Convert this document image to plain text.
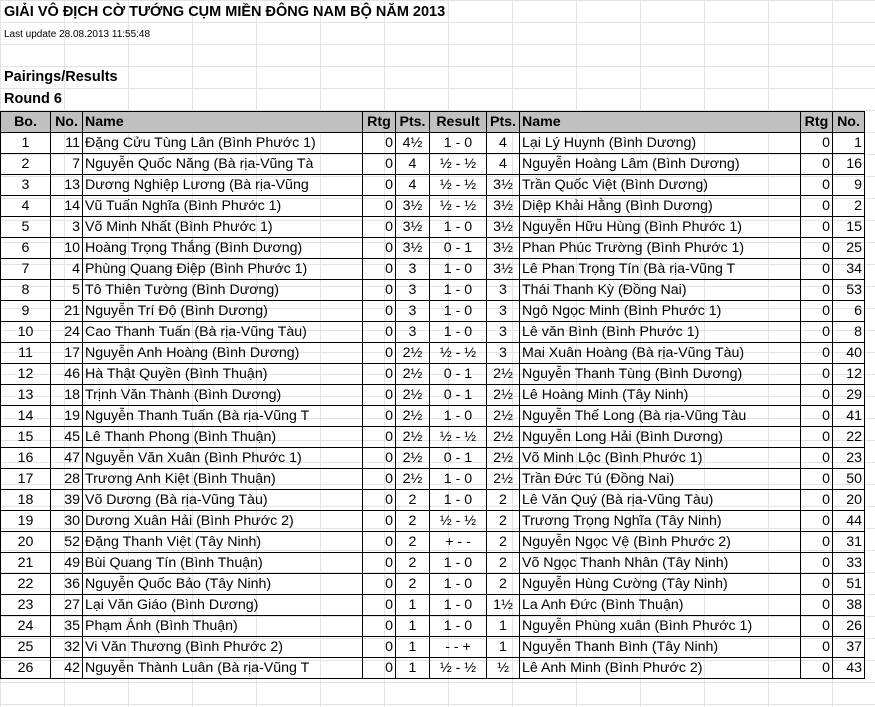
GIẢI VÔ ĐỊCH CỜ TƯỚNG CỤM MIỀN ĐÔNG NAM BỘ NĂM 2013
Last update 28.08.2013 11:55:48
Pairings/Results
Round 6
Bo.	No.	Name	Rtg	Pts.	Result	Pts.	Name	Rtg	No.
1	11	Đặng Cửu Tùng Lân (Bình Phước 1)	0	4½	1 - 0	4	Lại Lý Huynh (Bình Dương)	0	1
2	7	Nguyễn Quốc Năng (Bà rịa-Vũng Tà	0	4	½ - ½	4	Nguyễn Hoàng Lâm (Bình Dương)	0	16
3	13	Dương Nghiệp Lương (Bà rịa-Vũng	0	4	½ - ½	3½	Trần Quốc Việt (Bình Dương)	0	9
4	14	Vũ Tuấn Nghĩa (Bình Phước 1)	0	3½	½ - ½	3½	Diệp Khải Hằng (Bình Dương)	0	2
5	3	Võ Minh Nhất (Bình Phước 1)	0	3½	1 - 0	3½	Nguyễn Hữu Hùng (Bình Phước 1)	0	15
6	10	Hoàng Trọng Thắng (Bình Dương)	0	3½	0 - 1	3½	Phan Phúc Trường (Bình Phước 1)	0	25
7	4	Phùng Quang Điệp (Bình Phước 1)	0	3	1 - 0	3½	Lê Phan Trọng Tín (Bà rịa-Vũng T	0	34
8	5	Tô Thiên Tường (Bình Dương)	0	3	1 - 0	3	Thái Thanh Kỳ (Đồng Nai)	0	53
9	21	Nguyễn Trí Độ (Bình Dương)	0	3	1 - 0	3	Ngô Ngọc Minh (Bình Phước 1)	0	6
10	24	Cao Thanh Tuấn (Bà rịa-Vũng Tàu)	0	3	1 - 0	3	Lê văn Bình (Bình Phước 1)	0	8
11	17	Nguyễn Anh Hoàng (Bình Dương)	0	2½	½ - ½	3	Mai Xuân Hoàng (Bà rịa-Vũng Tàu)	0	40
12	46	Hà Thật Quyền (Bình Thuận)	0	2½	0 - 1	2½	Nguyễn Thanh Tùng (Bình Dương)	0	12
13	18	Trịnh Văn Thành (Bình Dương)	0	2½	0 - 1	2½	Lê Hoàng Minh (Tây Ninh)	0	29
14	19	Nguyễn Thanh Tuấn (Bà rịa-Vũng T	0	2½	1 - 0	2½	Nguyễn Thế Long (Bà rịa-Vũng Tàu	0	41
15	45	Lê Thanh Phong (Bình Thuận)	0	2½	½ - ½	2½	Nguyễn Long Hải (Bình Dương)	0	22
16	47	Nguyễn Văn Xuân (Bình Phước 1)	0	2½	0 - 1	2½	Võ Minh Lộc (Bình Phước 1)	0	23
17	28	Trương Anh Kiệt (Bình Thuận)	0	2½	1 - 0	2½	Trần Đức Tú (Đồng Nai)	0	50
18	39	Võ Dương (Bà rịa-Vũng Tàu)	0	2	1 - 0	2	Lê Văn Quý (Bà rịa-Vũng Tàu)	0	20
19	30	Dương Xuân Hải (Bình Phước 2)	0	2	½ - ½	2	Trương Trọng Nghĩa (Tây Ninh)	0	44
20	52	Đặng Thanh Việt (Tây Ninh)	0	2	+ - -	2	Nguyễn Ngọc Vệ (Bình Phước 2)	0	31
21	49	Bùi Quang Tín (Bình Thuận)	0	2	1 - 0	2	Võ Ngọc Thanh Nhân (Tây Ninh)	0	33
22	36	Nguyễn Quốc Bảo (Tây Ninh)	0	2	1 - 0	2	Nguyễn Hùng Cường (Tây Ninh)	0	51
23	27	Lại Văn Giáo (Bình Dương)	0	1	1 - 0	1½	La Anh Đức (Bình Thuận)	0	38
24	35	Phạm Ánh (Bình Thuận)	0	1	1 - 0	1	Nguyễn Phùng xuân (Bình Phước 1)	0	26
25	32	Vi Văn Thương (Bình Phước 2)	0	1	- - +	1	Nguyễn Thanh Bình (Tây Ninh)	0	37
26	42	Nguyễn Thành Luân (Bà rịa-Vũng T	0	1	½ - ½	½	Lê Anh Minh (Bình Phước 2)	0	43
